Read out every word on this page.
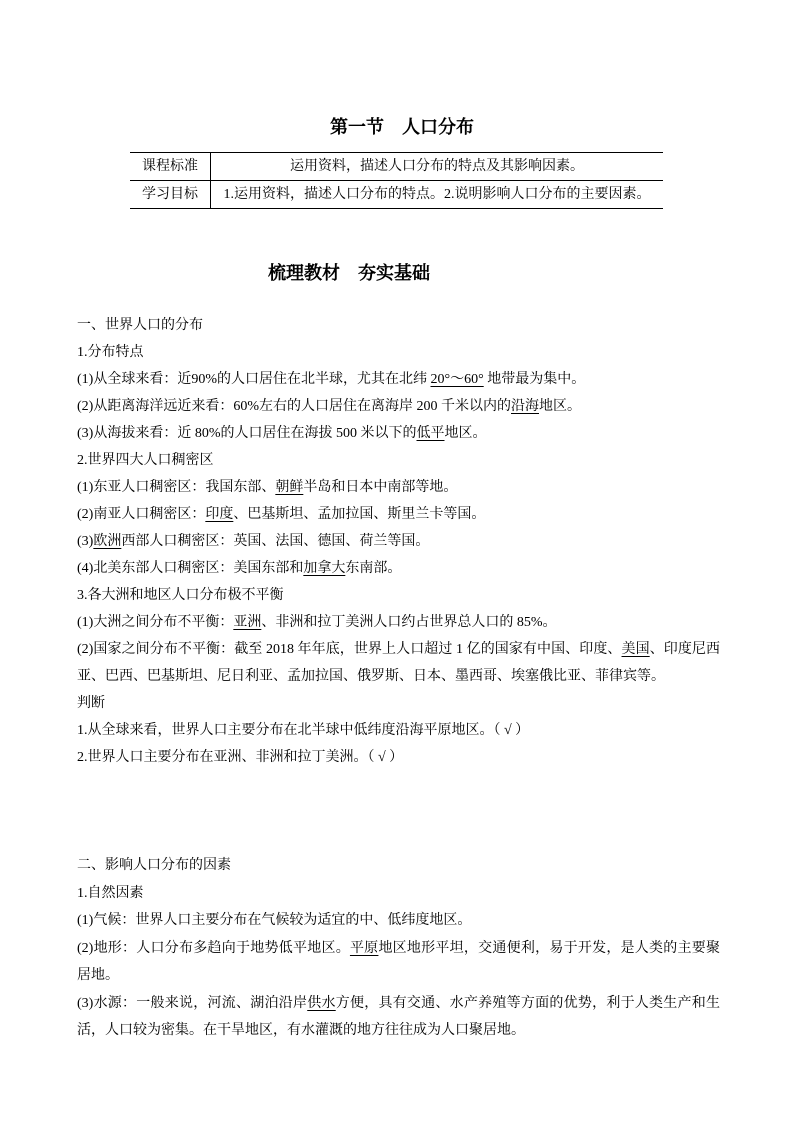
第一节　人口分布
课程标准	运用资料，描述人口分布的特点及其影响因素。
学习目标	1.运用资料，描述人口分布的特点。2.说明影响人口分布的主要因素。
梳理教材　夯实基础

一、世界人口的分布

1.分布特点

(1)从全球来看：近90%的人口居住在北半球，尤其在北纬 20°～60° 地带最为集中。

(2)从距离海洋远近来看：60%左右的人口居住在离海岸 200 千米以内的沿海地区。

(3)从海拔来看：近 80%的人口居住在海拔 500 米以下的低平地区。

2.世界四大人口稠密区

(1)东亚人口稠密区：我国东部、朝鲜半岛和日本中南部等地。

(2)南亚人口稠密区：印度、巴基斯坦、孟加拉国、斯里兰卡等国。

(3)欧洲西部人口稠密区：英国、法国、德国、荷兰等国。

(4)北美东部人口稠密区：美国东部和加拿大东南部。

3.各大洲和地区人口分布极不平衡

(1)大洲之间分布不平衡：亚洲、非洲和拉丁美洲人口约占世界总人口的 85%。

(2)国家之间分布不平衡：截至 2018 年年底，世界上人口超过 1 亿的国家有中国、印度、美国、印度尼西亚、巴西、巴基斯坦、尼日利亚、孟加拉国、俄罗斯、日本、墨西哥、埃塞俄比亚、菲律宾等。

判断

1.从全球来看，世界人口主要分布在北半球中低纬度沿海平原地区。（ √ ）

2.世界人口主要分布在亚洲、非洲和拉丁美洲。（ √ ）

二、影响人口分布的因素

1.自然因素

(1)气候：世界人口主要分布在气候较为适宜的中、低纬度地区。

(2)地形：人口分布多趋向于地势低平地区。平原地区地形平坦，交通便利，易于开发，是人类的主要聚居地。

(3)水源：一般来说，河流、湖泊沿岸供水方便，具有交通、水产养殖等方面的优势，利于人类生产和生活，人口较为密集。在干旱地区，有水灌溉的地方往往成为人口聚居地。
